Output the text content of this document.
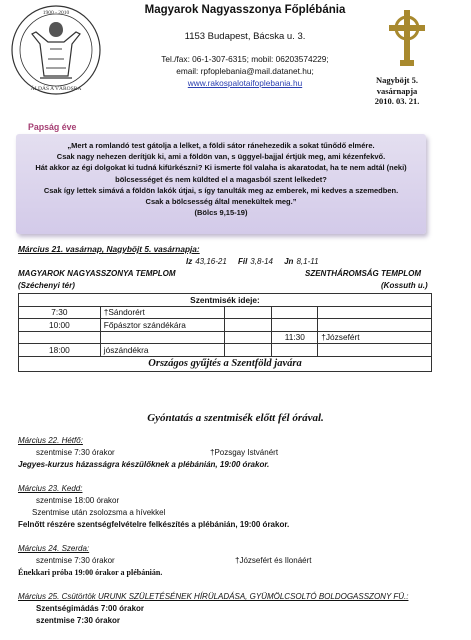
1900 - 2010
ÁLDÁS A VÁROSRA
Magyarok Nagyasszonya Főplébánia
1153 Budapest, Bácska u. 3.
Tel./fax: 06-1-307-6315; mobil: 06203574229;
email: rpfoplebania@mail.datanet.hu;
www.rakospalotaifoplebania.hu	Nagyböjt 5.
vasárnapja
2010. 03. 21.
Papság éve
„Mert a romlandó test gátolja a lelket, a földi sátor ránehezedik a sokat tűnődő elmére.
Csak nagy nehezen derítjük ki, ami a földön van, s üggyel-bajjal értjük meg, ami kézenfekvő.
Hát akkor az égi dolgokat ki tudná kifürkészni? Ki ismerte föl valaha is akaratodat, ha te nem adtál (neki)
bölcsességet és nem küldted el a magasból szent lelkedet?
Csak így lettek simává a földön lakók útjai, s így tanulták meg az emberek, mi kedves a szemedben.
Csak a bölcsesség által menekültek meg.”
(Bölcs 9,15-19)
Március 21. vasárnap, Nagyböjt 5. vasárnapja:
Iz 43,16-21 Fil 3,8-14 Jn 8,1-11
MAGYAROK NAGYASSZONYA TEMPLOM	SZENTHÁROMSÁG TEMPLOM
(Széchenyi tér)	(Kossuth u.)
Szentmisék ideje:				
7:30	†Sándorért			
10:00	Főpásztor szándékára			
			11:30	†Józsefért
18:00	jószándékra			
Országos gyűjtés a Szentföld javára				
Gyóntatás a szentmisék előtt fél órával.
Március 22. Hétfő:
szentmise 7:30 órakor	†Pozsgay Istvánért
Jegyes-kurzus házasságra készülőknek a plébánián, 19:00 órakor.
Március 23. Kedd:
szentmise 18:00 órakor
Szentmise után zsolozsma a hívekkel
Felnőtt részére szentségfelvételre felkészítés a plébánián, 19:00 órakor.
Március 24. Szerda:
szentmise 7:30 órakor	†Józsefért és Ilonáért
Énekkari próba 19:00 órakor a plébánián.
Március 25. Csütörtök URUNK SZÜLETÉSÉNEK HÍRÜLADÁSA, GYÜMÖLCSOLTÓ BOLDOGASSZONY FÜ.:
Szentségimádás 7:00 órakor
szentmise 7:30 órakor
